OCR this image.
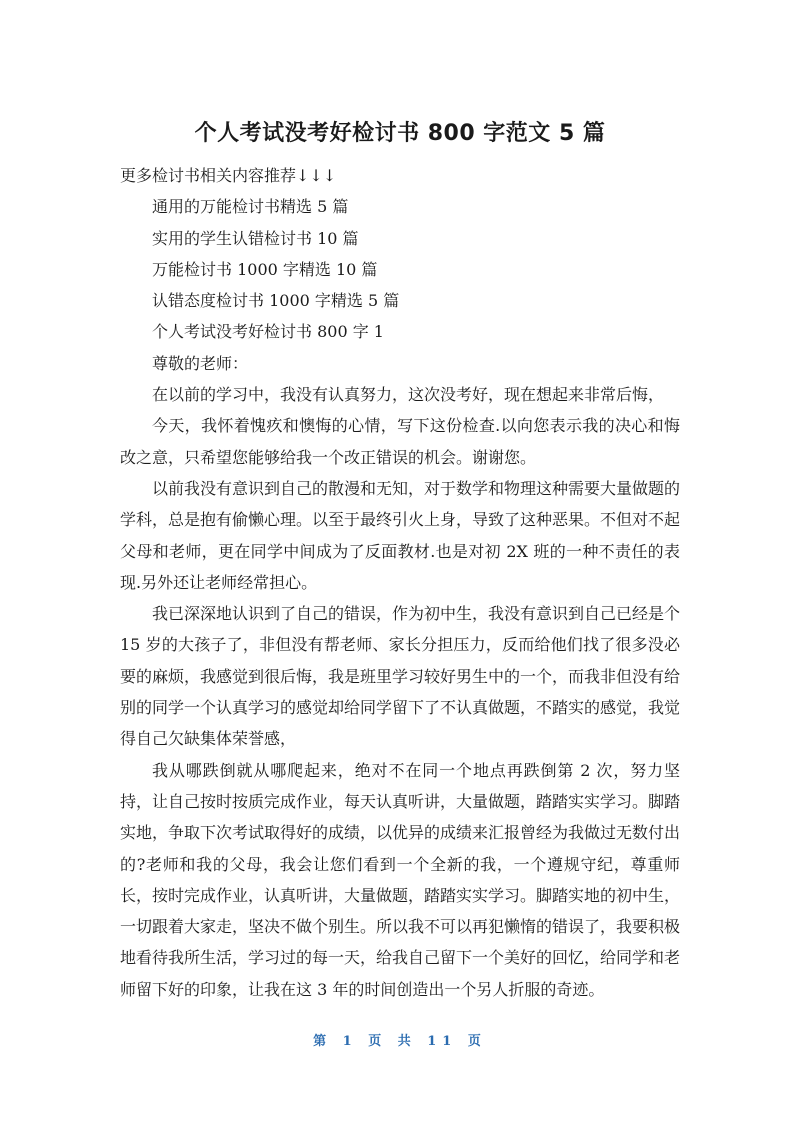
个人考试没考好检讨书 800 字范文 5 篇

更多检讨书相关内容推荐↓↓↓

通用的万能检讨书精选 5 篇

实用的学生认错检讨书 10 篇

万能检讨书 1000 字精选 10 篇

认错态度检讨书 1000 字精选 5 篇

个人考试没考好检讨书 800 字 1

尊敬的老师：

在以前的学习中，我没有认真努力，这次没考好，现在想起来非常后悔，

今天，我怀着愧疚和懊悔的心情，写下这份检查.以向您表示我的决心和悔改之意，只希望您能够给我一个改正错误的机会。谢谢您。

以前我没有意识到自己的散漫和无知，对于数学和物理这种需要大量做题的学科，总是抱有偷懒心理。以至于最终引火上身，导致了这种恶果。不但对不起父母和老师，更在同学中间成为了反面教材.也是对初 2X 班的一种不责任的表现.另外还让老师经常担心。

我已深深地认识到了自己的错误，作为初中生，我没有意识到自己已经是个 15 岁的大孩子了，非但没有帮老师、家长分担压力，反而给他们找了很多没必要的麻烦，我感觉到很后悔，我是班里学习较好男生中的一个，而我非但没有给别的同学一个认真学习的感觉却给同学留下了不认真做题，不踏实的感觉，我觉得自己欠缺集体荣誉感，

我从哪跌倒就从哪爬起来，绝对不在同一个地点再跌倒第 2 次，努力坚持，让自己按时按质完成作业，每天认真听讲，大量做题，踏踏实实学习。脚踏实地，争取下次考试取得好的成绩，以优异的成绩来汇报曾经为我做过无数付出的?老师和我的父母，我会让您们看到一个全新的我，一个遵规守纪，尊重师长，按时完成作业，认真听讲，大量做题，踏踏实实学习。脚踏实地的初中生，一切跟着大家走，坚决不做个别生。所以我不可以再犯懒惰的错误了，我要积极地看待我所生活，学习过的每一天，给我自己留下一个美好的回忆，给同学和老师留下好的印象，让我在这 3 年的时间创造出一个另人折服的奇迹。

第 1 页 共 11 页
